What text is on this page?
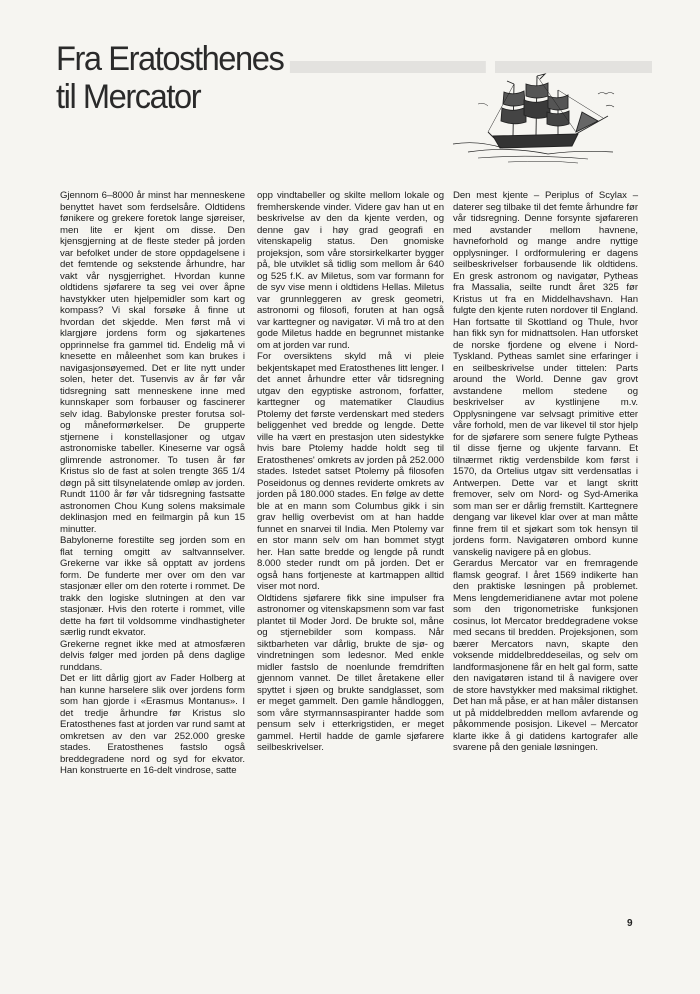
▬▬▬▬ ▬▬▬▬▬
Fra Eratosthenes
til Mercator

Gjennom 6–8000 år minst har menneskene benyttet havet som ferdselsåre. Oldtidens fønikere og grekere foretok lange sjøreiser, men lite er kjent om disse. Den kjensgjerning at de fleste steder på jorden var befolket under de store oppdagelsene i det femtende og sekstende århundre, har vakt vår nysgjerrighet. Hvordan kunne oldtidens sjøfarere ta seg vei over åpne havstykker uten hjelpemidler som kart og kompass? Vi skal forsøke å finne ut hvordan det skjedde. Men først må vi klargjøre jordens form og sjøkartenes opprinnelse fra gammel tid. Endelig må vi knesette en måleenhet som kan brukes i navigasjonsøyemed. Det er lite nytt under solen, heter det. Tusenvis av år før vår tidsregning satt menneskene inne med kunnskaper som forbauser og fascinerer selv idag. Babylonske prester forutsa sol- og måneformørkelser. De grupperte stjernene i konstellasjoner og utgav astronomiske tabeller. Kineserne var også glimrende astronomer. To tusen år før Kristus slo de fast at solen trengte 365 1/4 døgn på sitt tilsynelatende omløp av jorden. Rundt 1100 år før vår tidsregning fastsatte astronomen Chou Kung solens maksimale deklinasjon med en feilmargin på kun 15 minutter.

Babylonerne forestilte seg jorden som en flat terning omgitt av saltvannselver. Grekerne var ikke så opptatt av jordens form. De funderte mer over om den var stasjonær eller om den roterte i rommet. De trakk den logiske slutningen at den var stasjonær. Hvis den roterte i rommet, ville dette ha ført til voldsomme vindhastigheter særlig rundt ekvator.

Grekerne regnet ikke med at atmosfæren delvis følger med jorden på dens daglige runddans.

Det er litt dårlig gjort av Fader Holberg at han kunne harselere slik over jordens form som han gjorde i «Erasmus Montanus». I det tredje århundre før Kristus slo Eratosthenes fast at jorden var rund samt at omkretsen av den var 252.000 greske stades. Eratosthenes fastslo også breddegradene nord og syd for ekvator. Han konstruerte en 16-delt vindrose, satte

opp vindtabeller og skilte mellom lokale og fremherskende vinder. Videre gav han ut en beskrivelse av den da kjente verden, og denne gav i høy grad geografi en vitenskapelig status. Den gnomiske projeksjon, som våre storsirkelkarter bygger på, ble utviklet så tidlig som mellom år 640 og 525 f.K. av Miletus, som var formann for de syv vise menn i oldtidens Hellas. Miletus var grunnleggeren av gresk geometri, astronomi og filosofi, foruten at han også var karttegner og navigatør. Vi må tro at den gode Miletus hadde en begrunnet mistanke om at jorden var rund.

For oversiktens skyld må vi pleie bekjentskapet med Eratosthenes litt lenger. I det annet århundre etter vår tidsregning utgav den egyptiske astronom, forfatter, karttegner og matematiker Claudius Ptolemy det første verdenskart med steders beliggenhet ved bredde og lengde. Dette ville ha vært en prestasjon uten sidestykke hvis bare Ptolemy hadde holdt seg til Eratosthenes' omkrets av jorden på 252.000 stades. Istedet satset Ptolemy på filosofen Poseidonus og dennes reviderte omkrets av jorden på 180.000 stades. En følge av dette ble at en mann som Columbus gikk i sin grav hellig overbevist om at han hadde funnet en snarvei til India. Men Ptolemy var en stor mann selv om han bommet stygt her. Han satte bredde og lengde på rundt 8.000 steder rundt om på jorden. Det er også hans fortjeneste at kartmappen alltid viser mot nord.

Oldtidens sjøfarere fikk sine impulser fra astronomer og vitenskapsmenn som var fast plantet til Moder Jord. De brukte sol, måne og stjernebilder som kompass. Når siktbarheten var dårlig, brukte de sjø- og vindretningen som ledesnor. Med enkle midler fastslo de noenlunde fremdriften gjennom vannet. De tillet åretakene eller spyttet i sjøen og brukte sandglasset, som er meget gammelt. Den gamle håndloggen, som våre styrmannsaspiranter hadde som pensum selv i etterkrigstiden, er meget gammel. Hertil hadde de gamle sjøfarere seilbeskrivelser.

Den mest kjente – Periplus of Scylax – daterer seg tilbake til det femte århundre før vår tidsregning. Denne forsynte sjøfareren med avstander mellom havnene, havneforhold og mange andre nyttige opplysninger. I ordformulering er dagens seilbeskrivelser forbausende lik oldtidens. En gresk astronom og navigatør, Pytheas fra Massalia, seilte rundt året 325 før Kristus ut fra en Middelhavshavn. Han fulgte den kjente ruten nordover til England. Han fortsatte til Skottland og Thule, hvor han fikk syn for midnattsolen. Han utforsket de norske fjordene og elvene i Nord-Tyskland. Pytheas samlet sine erfaringer i en seilbeskrivelse under tittelen: Parts around the World. Denne gav grovt avstandene mellom stedene og beskrivelser av kystlinjene m.v. Opplysningene var selvsagt primitive etter våre forhold, men de var likevel til stor hjelp for de sjøfarere som senere fulgte Pytheas til disse fjerne og ukjente farvann. Et tilnærmet riktig verdensbilde kom først i 1570, da Ortelius utgav sitt verdensatlas i Antwerpen. Dette var et langt skritt fremover, selv om Nord- og Syd-Amerika som man ser er dårlig fremstilt. Karttegnere dengang var likevel klar over at man måtte finne frem til et sjøkart som tok hensyn til jordens form. Navigatøren ombord kunne vanskelig navigere på en globus.

Gerardus Mercator var en fremragende flamsk geograf. I året 1569 indikerte han den praktiske løsningen på problemet. Mens lengdemeridianene avtar mot polene som den trigonometriske funksjonen cosinus, lot Mercator breddegradene vokse med secans til bredden. Projeksjonen, som bærer Mercators navn, skapte den voksende middelbreddeseilas, og selv om landformasjonene får en helt gal form, satte den navigatøren istand til å navigere over de store havstykker med maksimal riktighet. Det han må påse, er at han måler distansen ut på middelbredden mellom avfarende og påkommende posisjon. Likevel – Mercator klarte ikke å gi datidens kartografer alle svarene på den geniale løsningen.

9
